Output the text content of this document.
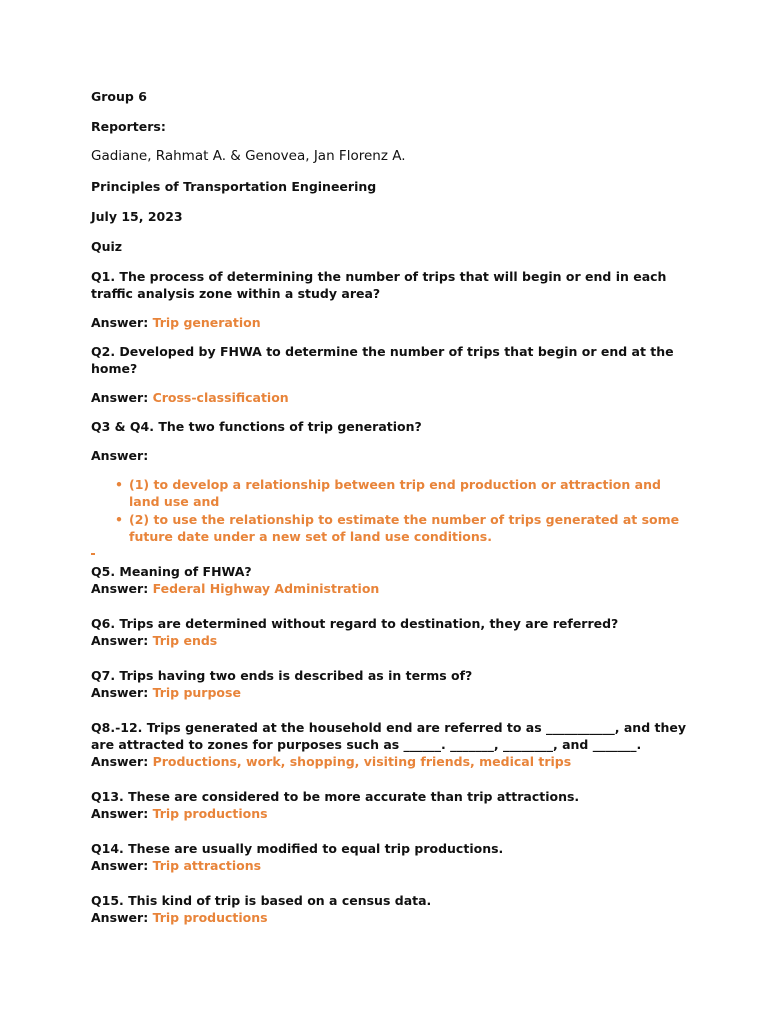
Group 6

Reporters:

Gadiane, Rahmat A. & Genovea, Jan Florenz A.

Principles of Transportation Engineering

July 15, 2023

Quiz

Q1. The process of determining the number of trips that will begin or end in each traffic analysis zone within a study area?

Answer: Trip generation

Q2. Developed by FHWA to determine the number of trips that begin or end at the home?

Answer: Cross-classification

Q3 & Q4. The two functions of trip generation?

Answer:

• (1) to develop a relationship between trip end production or attraction and land use and
• (2) to use the relationship to estimate the number of trips generated at some future date under a new set of land use conditions.

Q5. Meaning of FHWA?

Answer: Federal Highway Administration

Q6. Trips are determined without regard to destination, they are referred?

Answer: Trip ends

Q7. Trips having two ends is described as in terms of?

Answer: Trip purpose

Q8.-12. Trips generated at the household end are referred to as ___________, and they are attracted to zones for purposes such as ______. _______, ________, and _______.

Answer: Productions, work, shopping, visiting friends, medical trips

Q13. These are considered to be more accurate than trip attractions.

Answer: Trip productions

Q14. These are usually modified to equal trip productions.

Answer: Trip attractions

Q15. This kind of trip is based on a census data.

Answer: Trip productions
